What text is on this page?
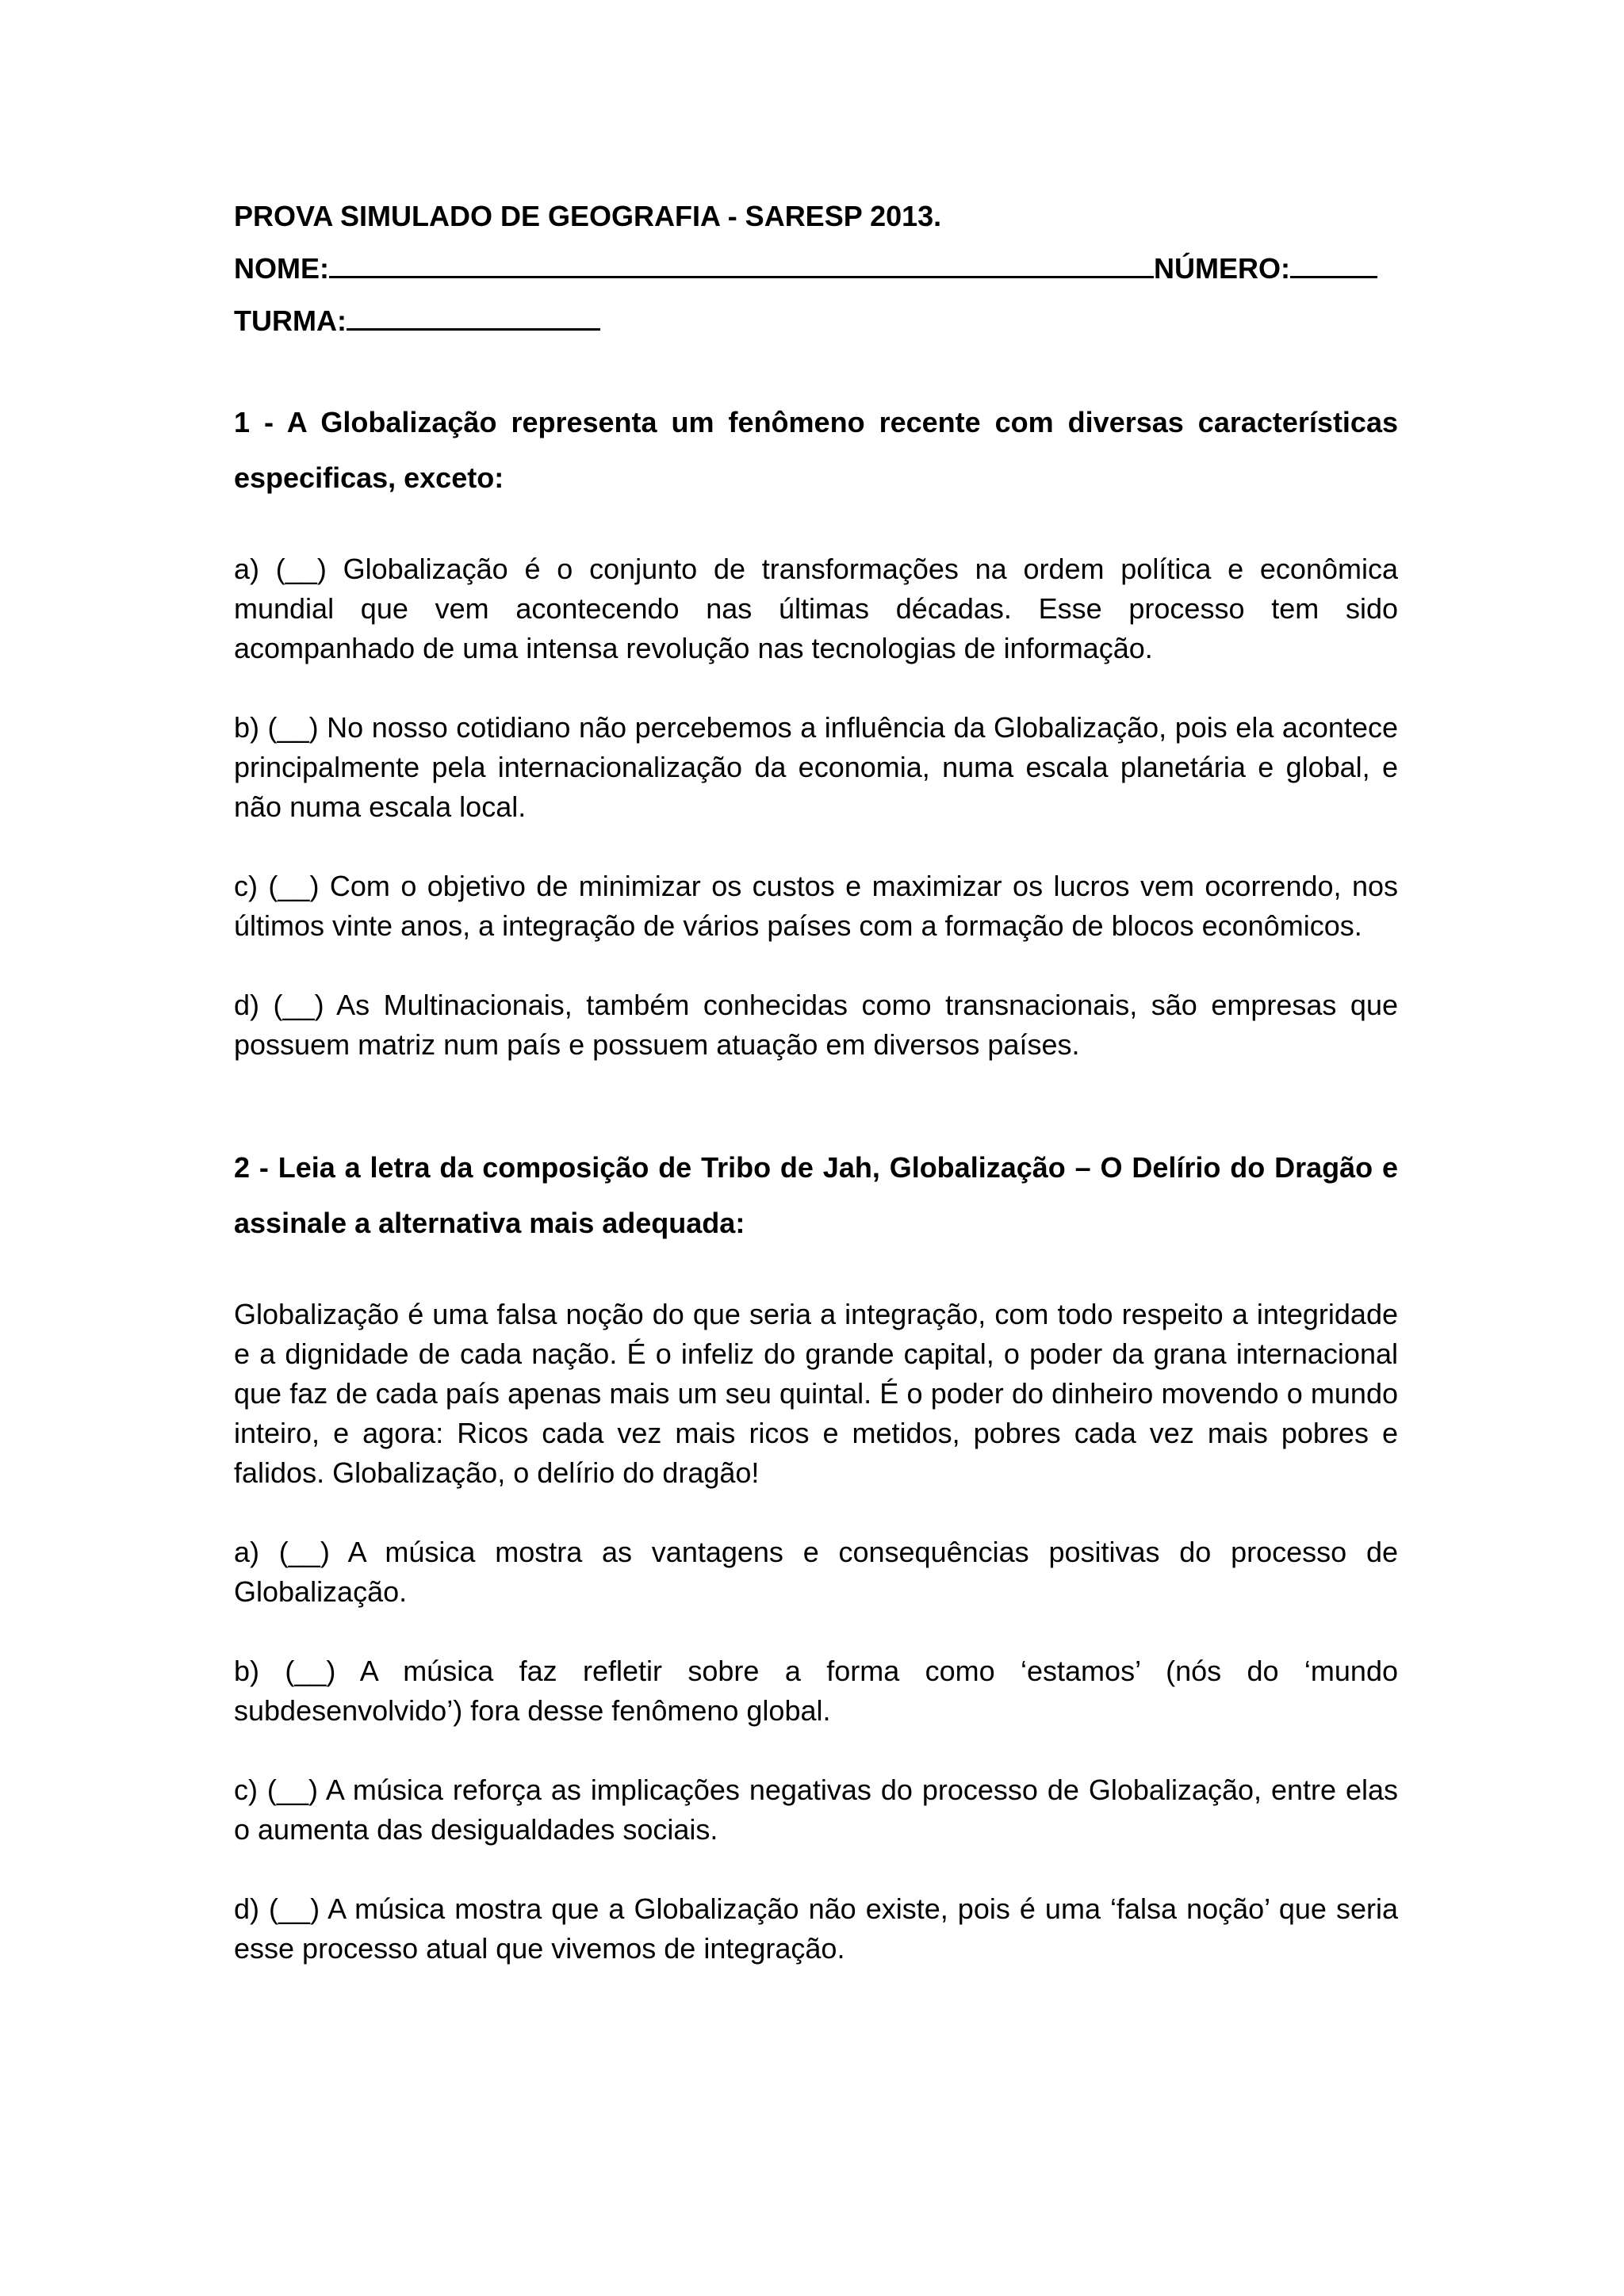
PROVA SIMULADO DE GEOGRAFIA - SARESP 2013.
NOME:	NÚMERO:
TURMA:

1 - A Globalização representa um fenômeno recente com diversas características especificas, exceto:

a) (__) Globalização é o conjunto de transformações na ordem política e econômica mundial que vem acontecendo nas últimas décadas. Esse processo tem sido acompanhado de uma intensa revolução nas tecnologias de informação.

b) (__) No nosso cotidiano não percebemos a influência da Globalização, pois ela acontece principalmente pela internacionalização da economia, numa escala planetária e global, e não numa escala local.

c) (__) Com o objetivo de minimizar os custos e maximizar os lucros vem ocorrendo, nos últimos vinte anos, a integração de vários países com a formação de blocos econômicos.

d) (__) As Multinacionais, também conhecidas como transnacionais, são empresas que possuem matriz num país e possuem atuação em diversos países.

2 - Leia a letra da composição de Tribo de Jah, Globalização – O Delírio do Dragão e assinale a alternativa mais adequada:

Globalização é uma falsa noção do que seria a integração, com todo respeito a integridade e a dignidade de cada nação. É o infeliz do grande capital, o poder da grana internacional que faz de cada país apenas mais um seu quintal. É o poder do dinheiro movendo o mundo inteiro, e agora: Ricos cada vez mais ricos e metidos, pobres cada vez mais pobres e falidos. Globalização, o delírio do dragão!

a) (__) A música mostra as vantagens e consequências positivas do processo de Globalização.

b) (__) A música faz refletir sobre a forma como ‘estamos’ (nós do ‘mundo subdesenvolvido’) fora desse fenômeno global.

c) (__) A música reforça as implicações negativas do processo de Globalização, entre elas o aumenta das desigualdades sociais.

d) (__) A música mostra que a Globalização não existe, pois é uma ‘falsa noção’ que seria esse processo atual que vivemos de integração.
